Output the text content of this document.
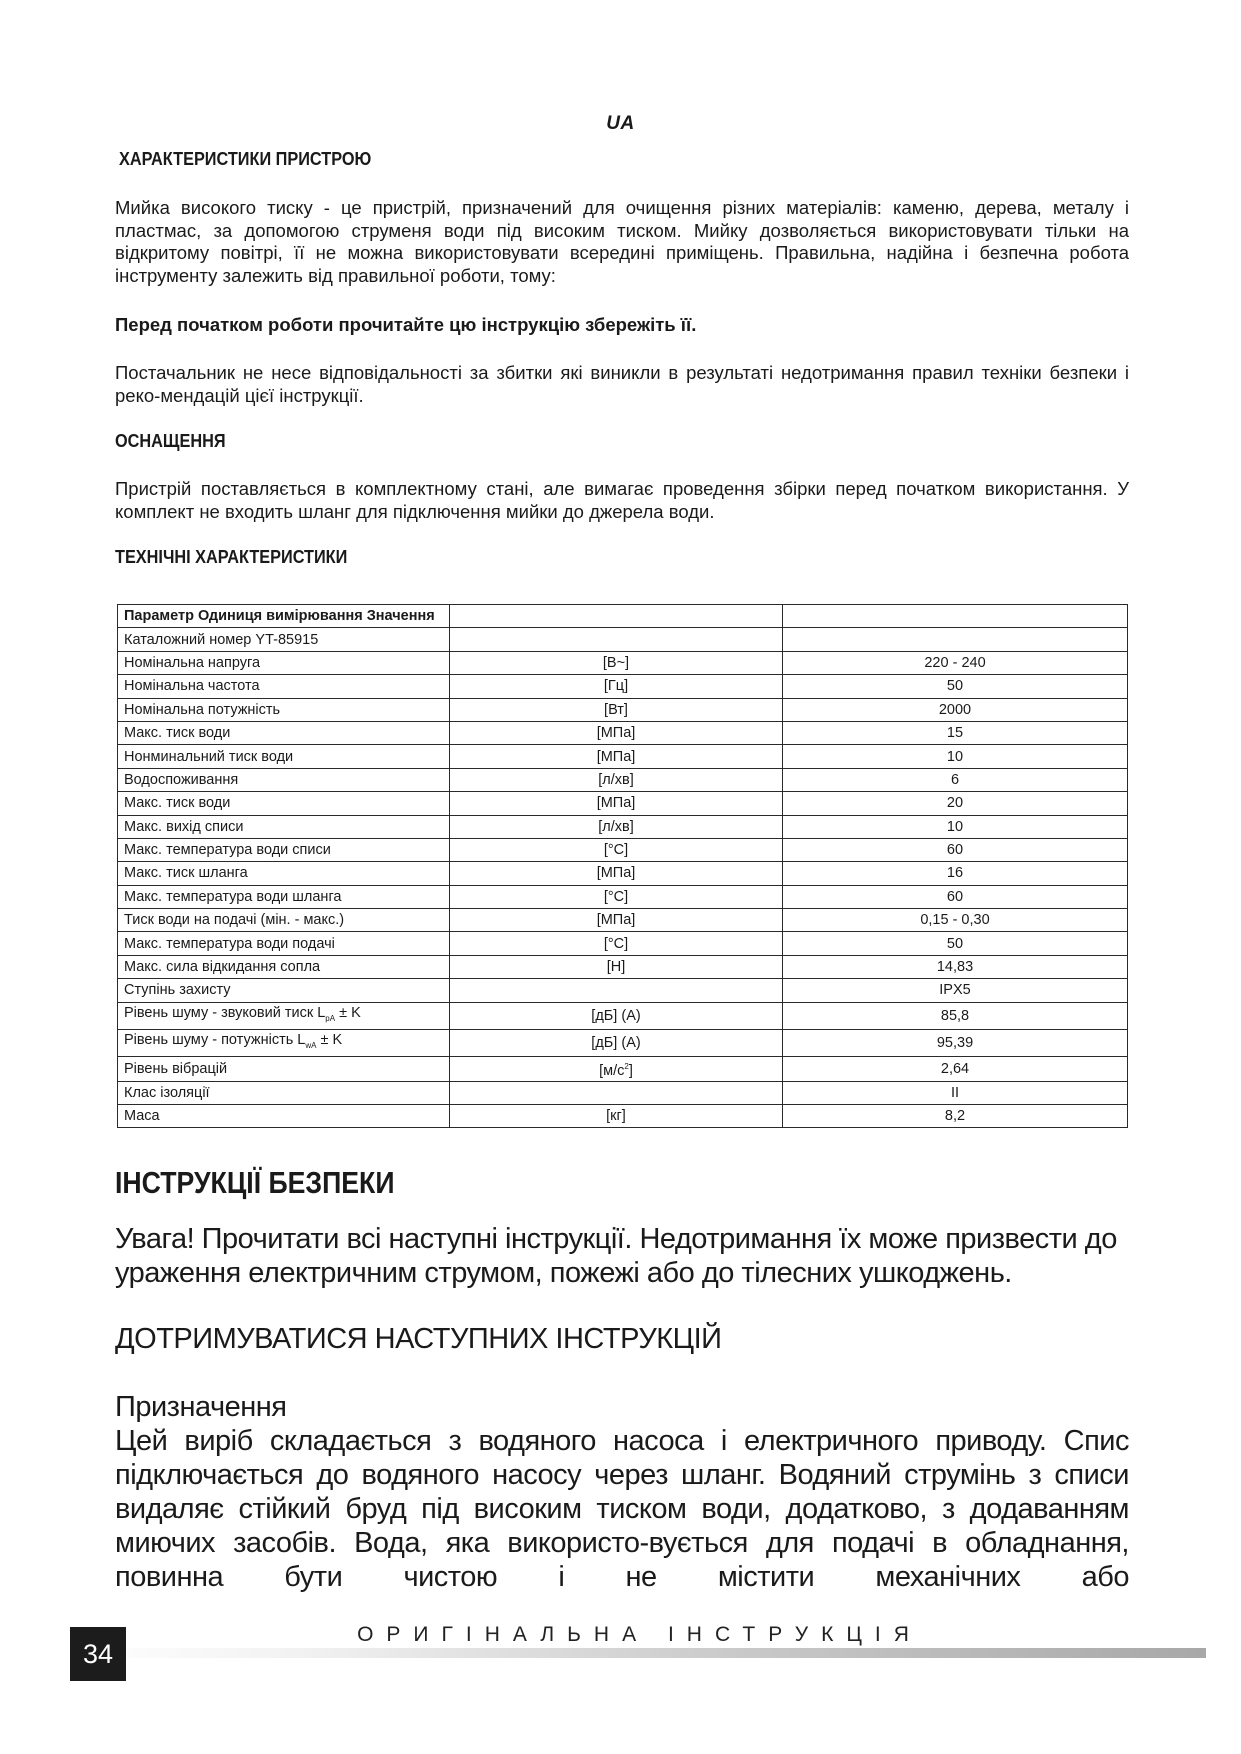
UA
ХАРАКТЕРИСТИКИ ПРИСТРОЮ

Мийка високого тиску - це пристрій, призначений для очищення різних матеріалів: каменю, дерева, металу і пластмас, за допомогою струменя води під високим тиском. Мийку дозволяється використовувати тільки на відкритому повітрі, її не можна використовувати всередині приміщень. Правильна, надійна і безпечна робота інструменту залежить від правильної роботи, тому:

Перед початком роботи прочитайте цю інструкцію збережіть її.

Постачальник не несе відповідальності за збитки які виникли в результаті недотримання правил техніки безпеки і реко-мендацій цієї інструкції.

ОСНАЩЕННЯ

Пристрій поставляється в комплектному стані, але вимагає проведення збірки перед початком використання. У комплект не входить шланг для підключення мийки до джерела води.

ТЕХНІЧНІ ХАРАКТЕРИСТИКИ
Параметр Одиниця вимірювання Значення		
Каталожний номер YT-85915		
Номінальна напруга	[В~]	220 - 240
Номінальна частота	[Гц]	50
Номінальна потужність	[Вт]	2000
Макс. тиск води	[МПа]	15
Нонминальний тиск води	[МПа]	10
Водоспоживання	[л/хв]	6
Макс. тиск води	[МПа]	20
Макс. вихід списи	[л/хв]	10
Макс. температура води списи	[°C]	60
Макс. тиск шланга	[МПа]	16
Макс. температура води шланга	[°C]	60
Тиск води на подачі (мін. - макс.)	[МПа]	0,15 - 0,30
Макс. температура води подачі	[°C]	50
Макс. сила відкидання сопла	[Н]	14,83
Ступінь захисту		IPX5
Рівень шуму - звуковий тиск $L_{pA} \pm K$	[дБ] (A)	85,8
Рівень шуму - потужність $L_{wA} \pm K$	[дБ] (A)	95,39
Рівень вібрацій	$[м/с^2]$	2,64
Клас ізоляції		II
Маса	[кг]	8,2
ІНСТРУКЦІЇ БЕЗПЕКИ

Увага! Прочитати всі наступні інструкції. Недотримання їх може призвести до ураження електричним струмом, пожежі або до тілесних ушкоджень.

ДОТРИМУВАТИСЯ НАСТУПНИХ ІНСТРУКЦІЙ

Призначення

Цей виріб складається з водяного насоса і електричного приводу. Спис підключається до водяного насосу через шланг. Водяний струмінь з списи видаляє стійкий бруд під високим тиском води, додатково, з додаванням миючих засобів. Вода, яка використо-вується для подачі в обладнання, повинна бути чистою і не містити механічних або

34
ОРИГІНАЛЬНА ІНСТРУКЦІЯ
